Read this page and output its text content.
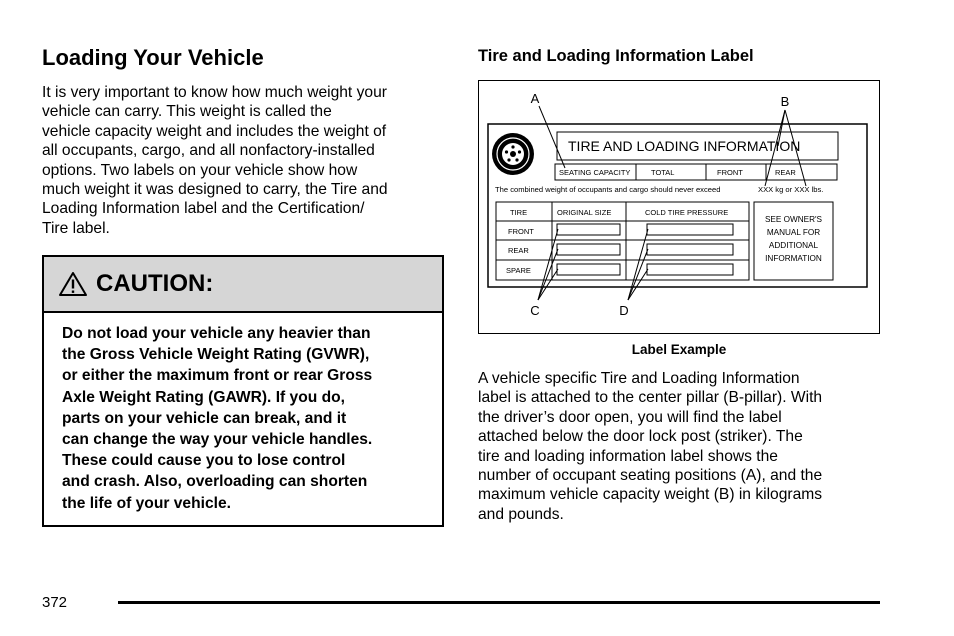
Loading Your Vehicle
It is very important to know how much weight your
vehicle can carry. This weight is called the
vehicle capacity weight and includes the weight of
all occupants, cargo, and all nonfactory-installed
options. Two labels on your vehicle show how
much weight it was designed to carry, the Tire and
Loading Information label and the Certification/
Tire label.
CAUTION:
Do not load your vehicle any heavier than
the Gross Vehicle Weight Rating (GVWR),
or either the maximum front or rear Gross
Axle Weight Rating (GAWR). If you do,
parts on your vehicle can break, and it
can change the way your vehicle handles.
These could cause you to lose control
and crash. Also, overloading can shorten
the life of your vehicle.
Tire and Loading Information Label
TIRE AND LOADING INFORMATION
SEATING CAPACITY	TOTAL	FRONT	REAR
The combined weight of occupants and cargo should never exceed	XXX kg or XXX lbs.
TIRE	ORIGINAL SIZE	COLD TIRE PRESSURE
FRONT
REAR
SPARE
SEE OWNER'S
MANUAL FOR
ADDITIONAL
INFORMATION
A	B
C	D
Label Example
A vehicle specific Tire and Loading Information
label is attached to the center pillar (B-pillar). With
the driver’s door open, you will find the label
attached below the door lock post (striker). The
tire and loading information label shows the
number of occupant seating positions (A), and the
maximum vehicle capacity weight (B) in kilograms
and pounds.
372
